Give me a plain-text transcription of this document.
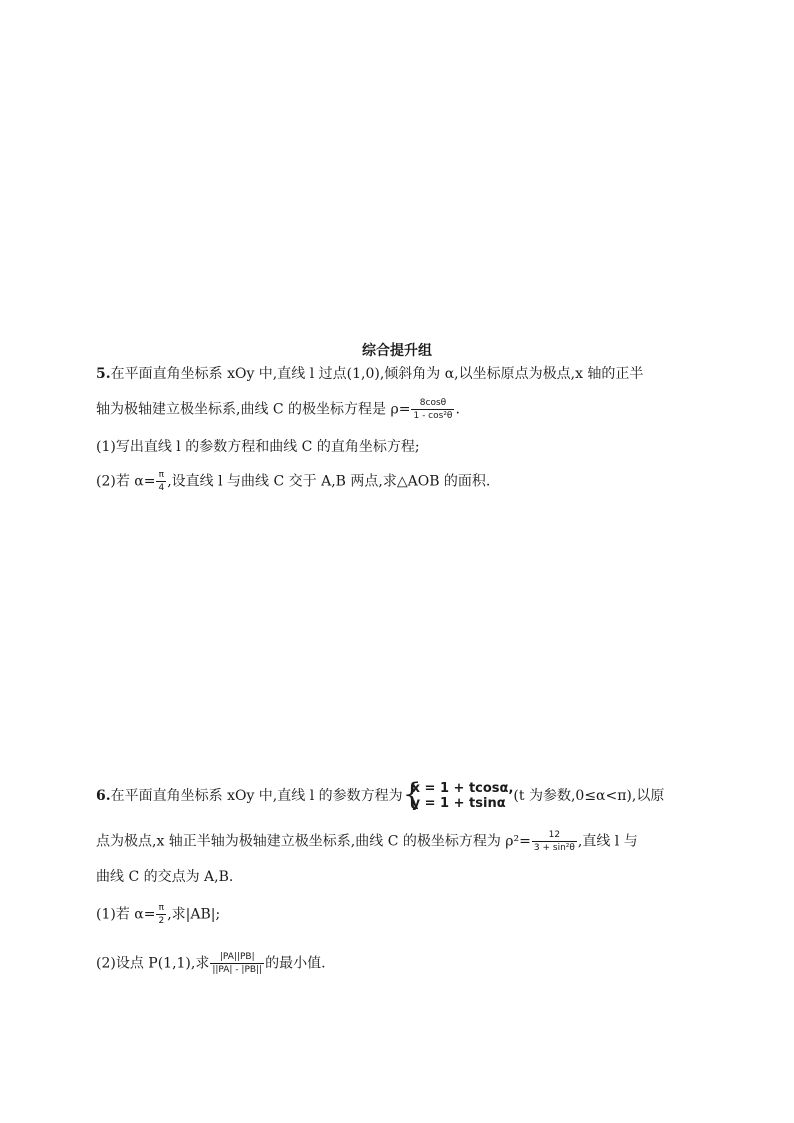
综合提升组
5.在平面直角坐标系 xOy 中,直线 l 过点(1,0),倾斜角为 α,以坐标原点为极点,x 轴的正半
轴为极轴建立极坐标系,曲线 C 的极坐标方程是 $\rho= \frac{8\cos\theta}{\text{1 - cos²θ}}$ .
(1)写出直线 l 的参数方程和曲线 C 的直角坐标方程;
(2)若 $\alpha= \frac{\pi}{4}$ ,设直线 l 与曲线 C 交于 A,B 两点,求△AOB 的面积.
6.在平面直角坐标系 xOy 中,直线 l 的参数方程为 {
x = 1 + tcosα,
y = 1 + tsinα (t 为参数,0≤α<π),以原
点为极点,x 轴正半轴为极轴建立极坐标系,曲线 C 的极坐标方程为 $\rho^2= \frac{12}{\text{3 + sin²θ}}$ ,直线 l 与
曲线 C 的交点为 A,B.
(1)若 $\alpha= \frac{\pi}{2}$ ,求|AB|;
(2)设点 P(1,1),求 $\frac{|PA||PB|}{||PA| - |PB||}$ 的最小值.
